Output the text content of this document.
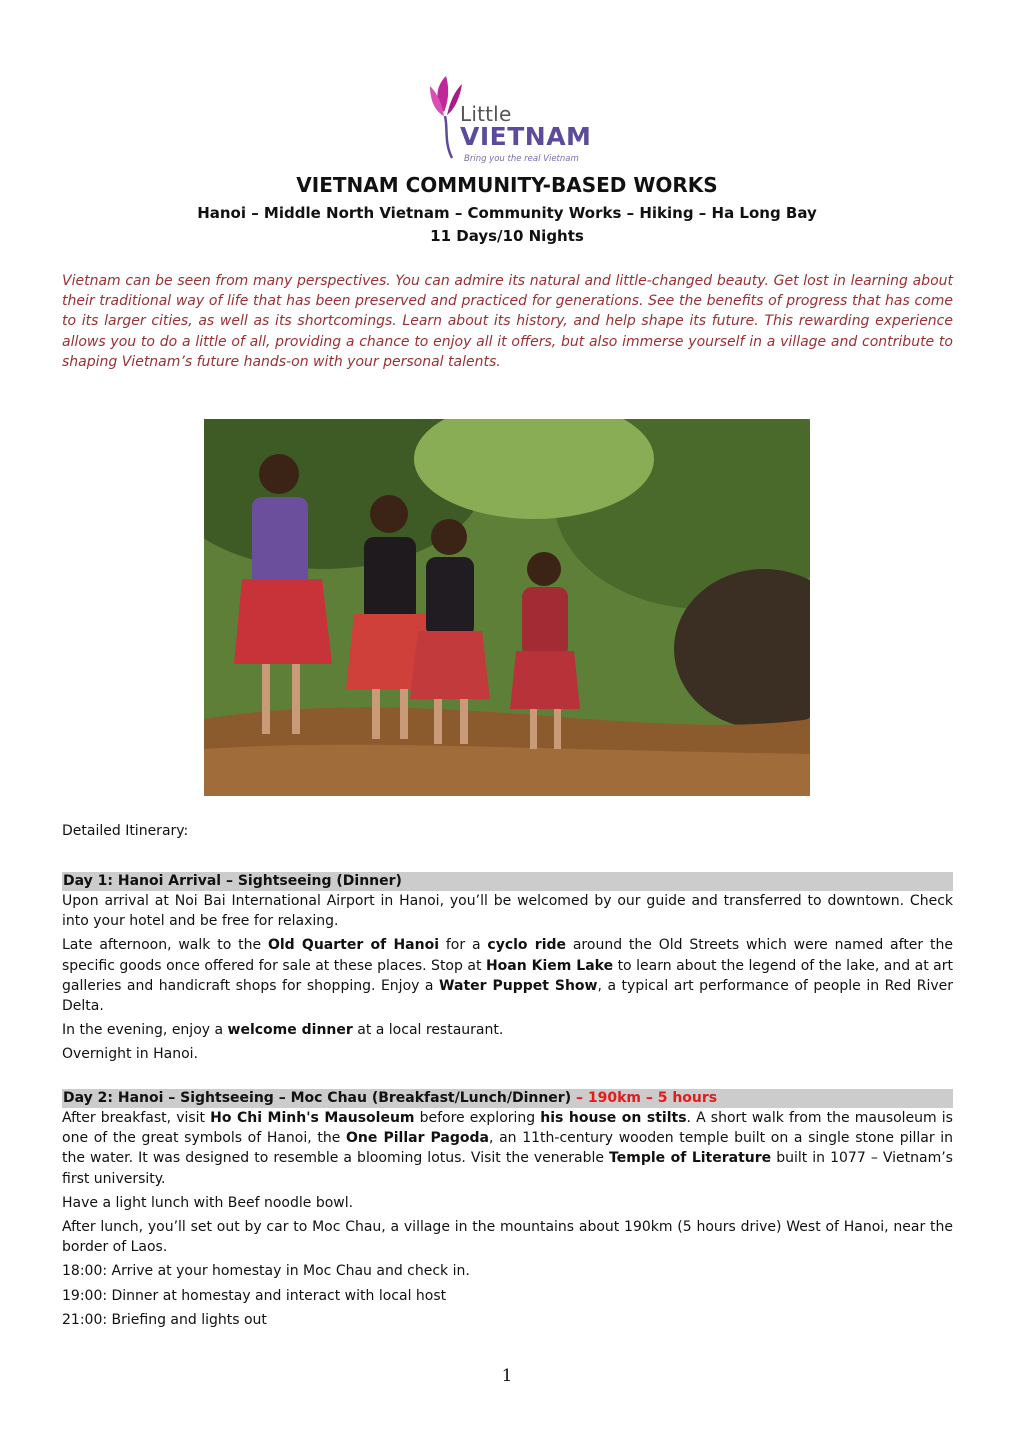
Little
VIETNAM
Bring you the real Vietnam
VIETNAM COMMUNITY-BASED WORKS
Hanoi – Middle North Vietnam – Community Works – Hiking – Ha Long Bay
11 Days/10 Nights

Vietnam can be seen from many perspectives. You can admire its natural and little-changed beauty. Get lost in learning about their traditional way of life that has been preserved and practiced for generations. See the benefits of progress that has come to its larger cities, as well as its shortcomings. Learn about its history, and help shape its future. This rewarding experience allows you to do a little of all, providing a chance to enjoy all it offers, but also immerse yourself in a village and contribute to shaping Vietnam’s future hands-on with your personal talents.

Detailed Itinerary:
Day 1: Hanoi Arrival – Sightseeing (Dinner)

Upon arrival at Noi Bai International Airport in Hanoi, you’ll be welcomed by our guide and transferred to downtown. Check into your hotel and be free for relaxing.

Late afternoon, walk to the Old Quarter of Hanoi for a cyclo ride around the Old Streets which were named after the specific goods once offered for sale at these places. Stop at Hoan Kiem Lake to learn about the legend of the lake, and at art galleries and handicraft shops for shopping. Enjoy a Water Puppet Show, a typical art performance of people in Red River Delta.

In the evening, enjoy a welcome dinner at a local restaurant.

Overnight in Hanoi.

Day 2: Hanoi – Sightseeing – Moc Chau (Breakfast/Lunch/Dinner) – 190km – 5 hours

After breakfast, visit Ho Chi Minh's Mausoleum before exploring his house on stilts. A short walk from the mausoleum is one of the great symbols of Hanoi, the One Pillar Pagoda, an 11th-century wooden temple built on a single stone pillar in the water. It was designed to resemble a blooming lotus. Visit the venerable Temple of Literature built in 1077 – Vietnam’s first university.

Have a light lunch with Beef noodle bowl.

After lunch, you’ll set out by car to Moc Chau, a village in the mountains about 190km (5 hours drive) West of Hanoi, near the border of Laos.

18:00: Arrive at your homestay in Moc Chau and check in.

19:00: Dinner at homestay and interact with local host

21:00: Briefing and lights out

1
